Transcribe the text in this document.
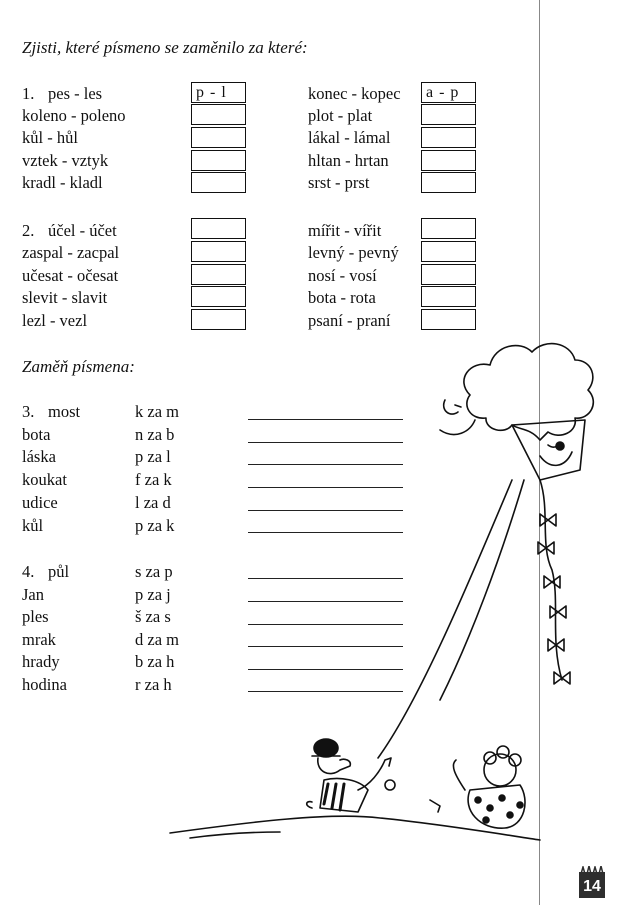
Zjisti, které písmeno se zaměnilo za které:
1. pes - les
koleno - poleno
kůl - hůl
vztek - vztyk
kradl - kladl
p - l	konec - kopec
plot - plat
lákal - lámal
hltan - hrtan
srst - prst
a - p
2. účel - účet
zaspal - zacpal
učesat - očesat
slevit - slavit
lezl - vezl
mířit - vířit
levný - pevný
nosí - vosí
bota - rota
psaní - praní
Zaměň písmena:
3. most
bota
láska
koukat
udice
kůl
k za m
n za b
p za l
f za k
l za d
p za k
4. půl
Jan
ples
mrak
hrady
hodina
s za p
p za j
š za s
d za m
b za h
r za h
14
